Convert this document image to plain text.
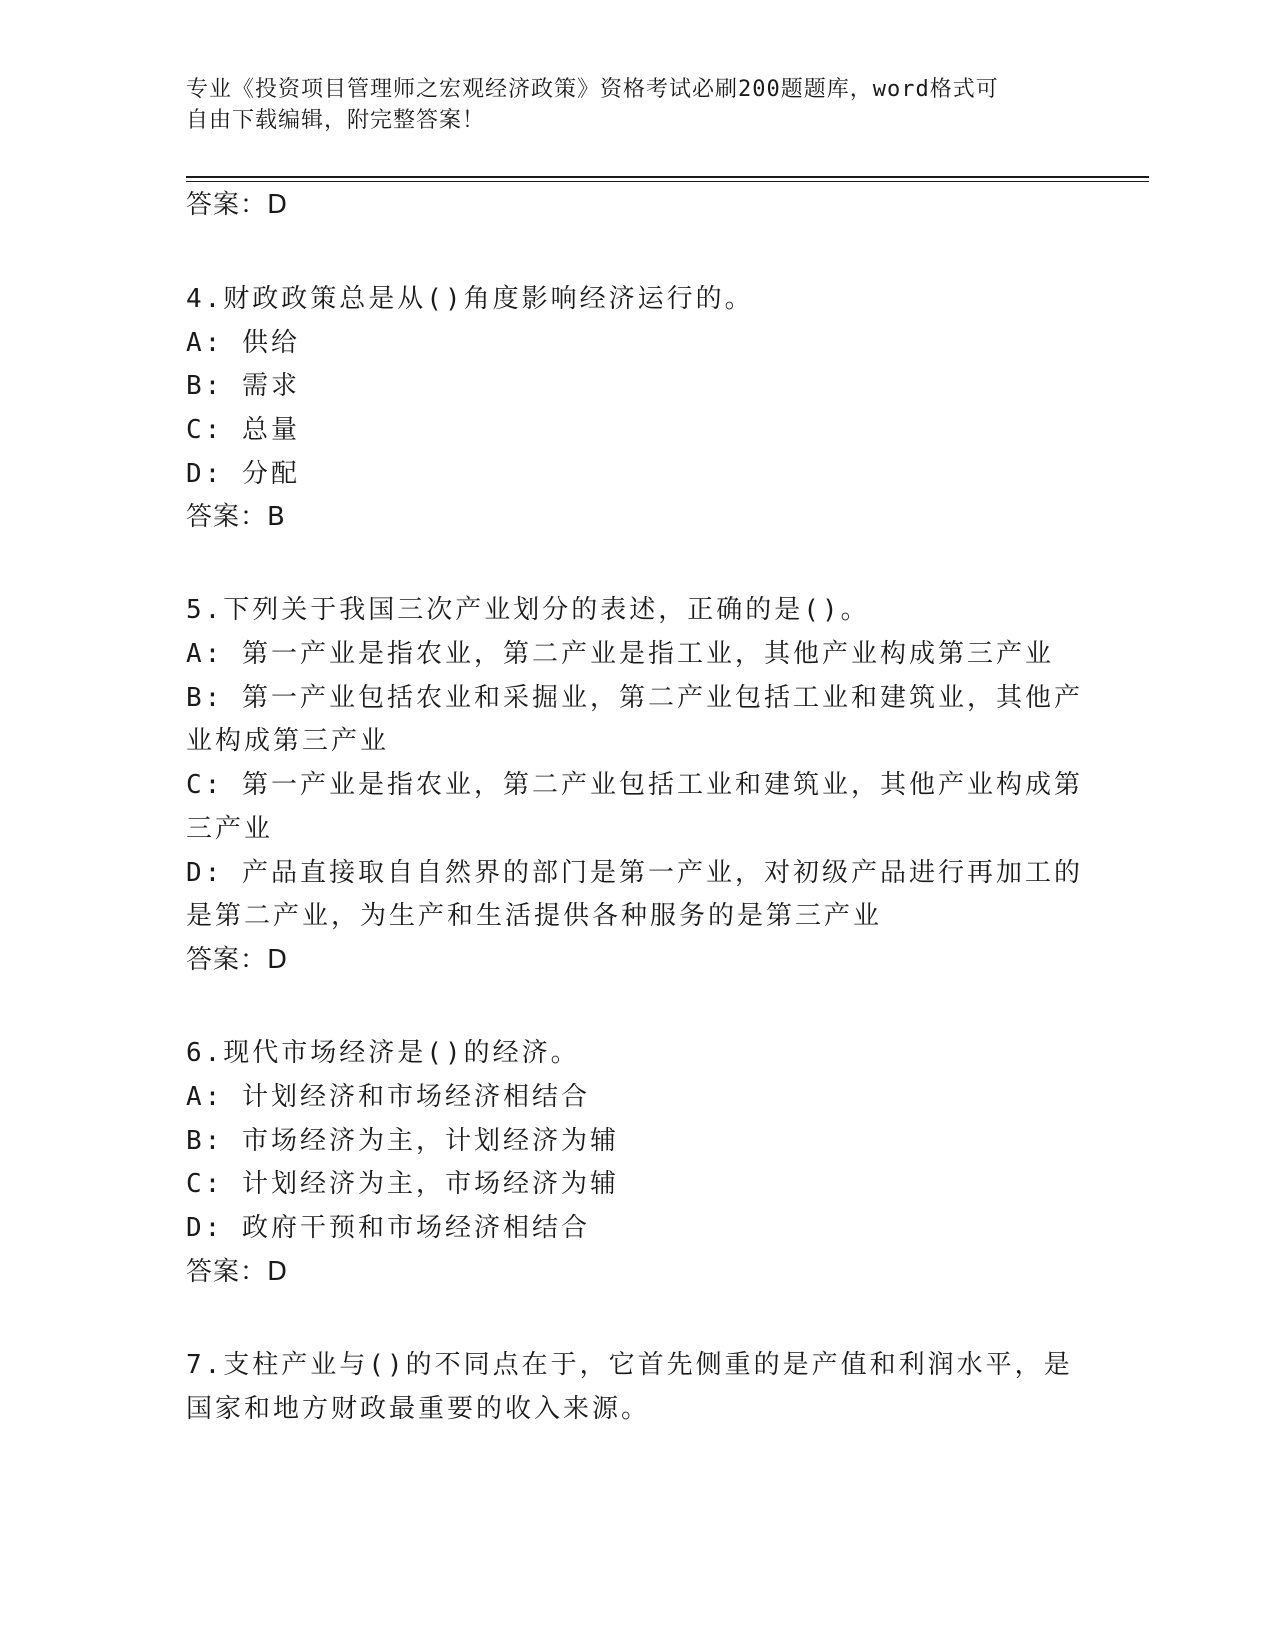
专业《投资项目管理师之宏观经济政策》资格考试必刷200题题库，word格式可
自由下载编辑，附完整答案！
答案：D
4.财政政策总是从()角度影响经济运行的。
A: 供给
B: 需求
C: 总量
D: 分配
答案：B
5.下列关于我国三次产业划分的表述，正确的是()。
A: 第一产业是指农业，第二产业是指工业，其他产业构成第三产业
B: 第一产业包括农业和采掘业，第二产业包括工业和建筑业，其他产
业构成第三产业
C: 第一产业是指农业，第二产业包括工业和建筑业，其他产业构成第
三产业
D: 产品直接取自自然界的部门是第一产业，对初级产品进行再加工的
是第二产业，为生产和生活提供各种服务的是第三产业
答案：D
6.现代市场经济是()的经济。
A: 计划经济和市场经济相结合
B: 市场经济为主，计划经济为辅
C: 计划经济为主，市场经济为辅
D: 政府干预和市场经济相结合
答案：D
7.支柱产业与()的不同点在于，它首先侧重的是产值和利润水平，是
国家和地方财政最重要的收入来源。
